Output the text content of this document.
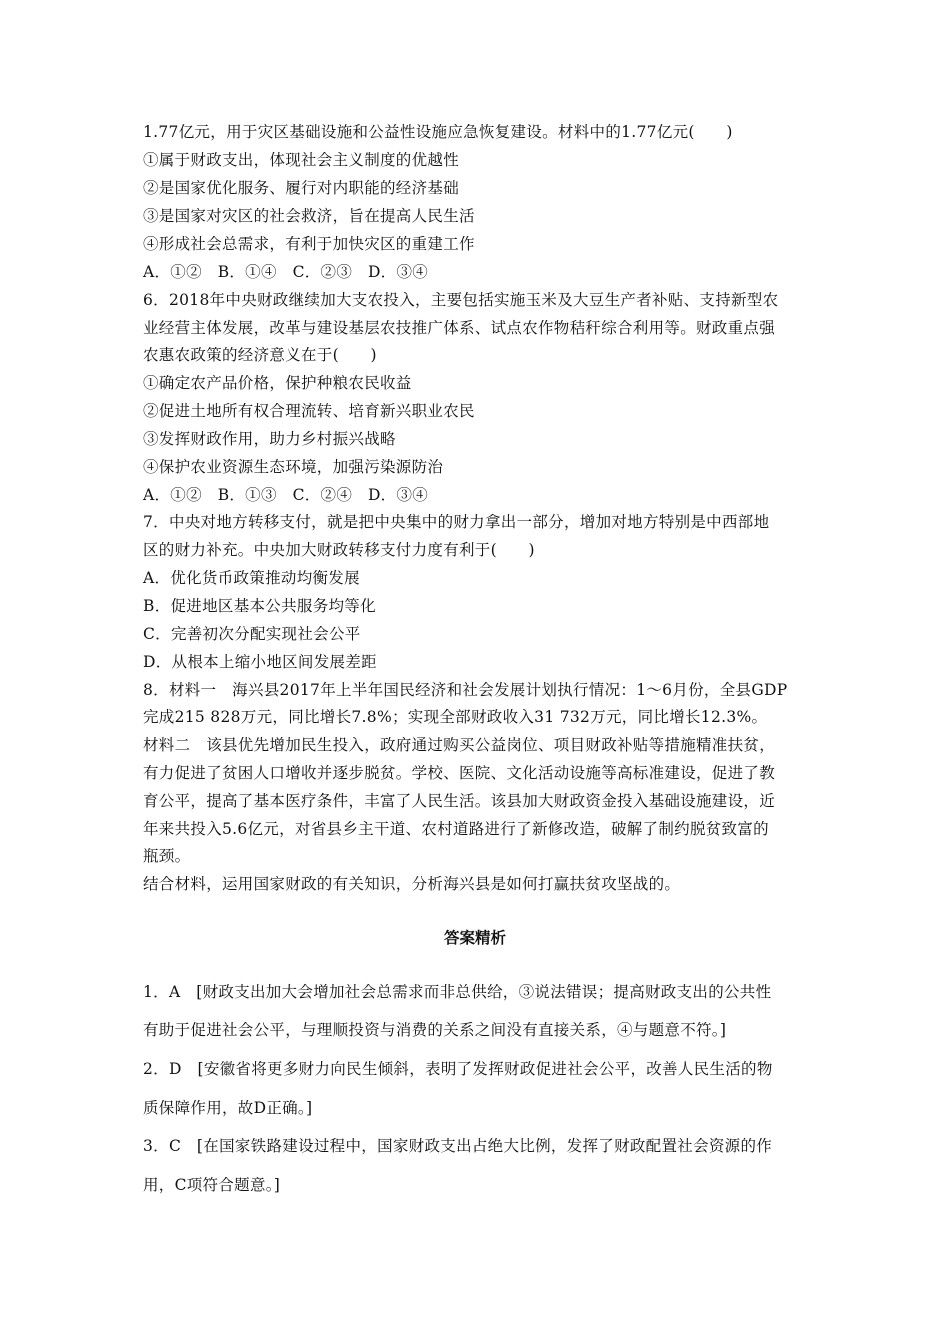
1.77亿元，用于灾区基础设施和公益性设施应急恢复建设。材料中的1.77亿元(　　)
①属于财政支出，体现社会主义制度的优越性
②是国家优化服务、履行对内职能的经济基础
③是国家对灾区的社会救济，旨在提高人民生活
④形成社会总需求，有利于加快灾区的重建工作
A．①②　B．①④　C．②③　D．③④
6．2018年中央财政继续加大支农投入，主要包括实施玉米及大豆生产者补贴、支持新型农
业经营主体发展，改革与建设基层农技推广体系、试点农作物秸秆综合利用等。财政重点强
农惠农政策的经济意义在于(　　)
①确定农产品价格，保护种粮农民收益
②促进土地所有权合理流转、培育新兴职业农民
③发挥财政作用，助力乡村振兴战略
④保护农业资源生态环境，加强污染源防治
A．①②　B．①③　C．②④　D．③④
7．中央对地方转移支付，就是把中央集中的财力拿出一部分，增加对地方特别是中西部地
区的财力补充。中央加大财政转移支付力度有利于(　　)
A．优化货币政策推动均衡发展
B．促进地区基本公共服务均等化
C．完善初次分配实现社会公平
D．从根本上缩小地区间发展差距
8．材料一　海兴县2017年上半年国民经济和社会发展计划执行情况：1～6月份，全县GDP
完成215 828万元，同比增长7.8%；实现全部财政收入31 732万元，同比增长12.3%。
材料二　该县优先增加民生投入，政府通过购买公益岗位、项目财政补贴等措施精准扶贫，
有力促进了贫困人口增收并逐步脱贫。学校、医院、文化活动设施等高标准建设，促进了教
育公平，提高了基本医疗条件，丰富了人民生活。该县加大财政资金投入基础设施建设，近
年来共投入5.6亿元，对省县乡主干道、农村道路进行了新修改造，破解了制约脱贫致富的
瓶颈。
结合材料，运用国家财政的有关知识，分析海兴县是如何打赢扶贫攻坚战的。
答案精析
1．A　[财政支出加大会增加社会总需求而非总供给，③说法错误；提高财政支出的公共性
有助于促进社会公平，与理顺投资与消费的关系之间没有直接关系，④与题意不符。]
2．D　[安徽省将更多财力向民生倾斜，表明了发挥财政促进社会公平，改善人民生活的物
质保障作用，故D正确。]
3．C　[在国家铁路建设过程中，国家财政支出占绝大比例，发挥了财政配置社会资源的作
用，C项符合题意。]
